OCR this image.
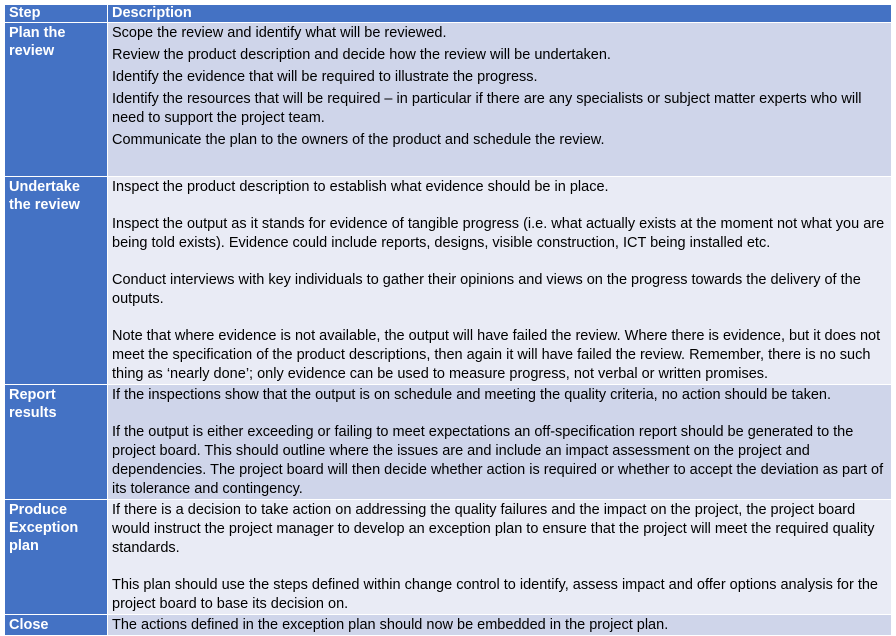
Step	Description
Plan the review	Scope the review and identify what will be reviewed.

Review the product description and decide how the review will be undertaken.

Identify the evidence that will be required to illustrate the progress.

Identify the resources that will be required – in particular if there are any specialists or subject matter experts who will need to support the project team.

Communicate the plan to the owners of the product and schedule the review.

Undertake the review	Inspect the product description to establish what evidence should be in place.

Inspect the output as it stands for evidence of tangible progress (i.e. what actually exists at the moment not what you are being told exists). Evidence could include reports, designs, visible construction, ICT being installed etc.

Conduct interviews with key individuals to gather their opinions and views on the progress towards the delivery of the outputs.

Note that where evidence is not available, the output will have failed the review. Where there is evidence, but it does not meet the specification of the product descriptions, then again it will have failed the review. Remember, there is no such thing as ‘nearly done’; only evidence can be used to measure progress, not verbal or written promises.

Report results	If the inspections show that the output is on schedule and meeting the quality criteria, no action should be taken.

If the output is either exceeding or failing to meet expectations an off-specification report should be generated to the project board. This should outline where the issues are and include an impact assessment on the project and dependencies. The project board will then decide whether action is required or whether to accept the deviation as part of its tolerance and contingency.

Produce Exception plan	If there is a decision to take action on addressing the quality failures and the impact on the project, the project board would instruct the project manager to develop an exception plan to ensure that the project will meet the required quality standards.

This plan should use the steps defined within change control to identify, assess impact and offer options analysis for the project board to base its decision on.

Close	The actions defined in the exception plan should now be embedded in the project plan.
